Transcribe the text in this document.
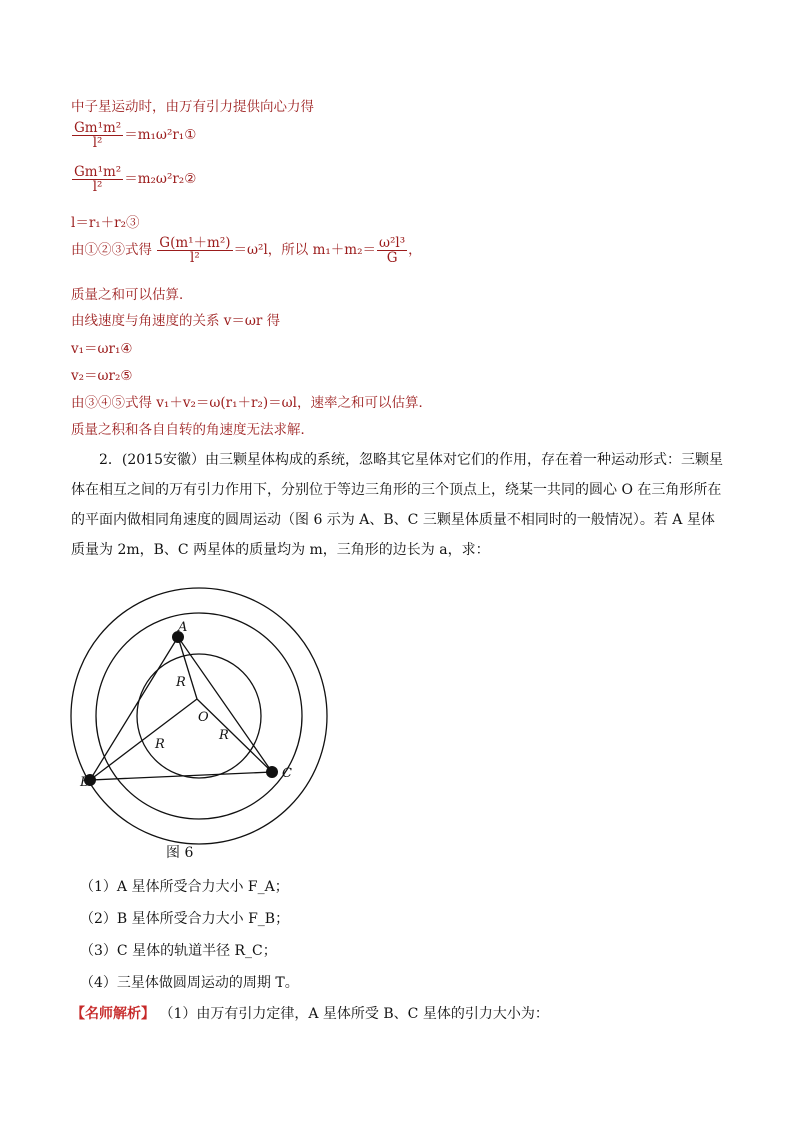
中子星运动时，由万有引力提供向心力得
$\frac{\text{Gm¹m²}}{\text{l²}}$ ＝m₁ω²r₁①
$\frac{\text{Gm¹m²}}{\text{l²}}$ ＝m₂ω²r₂②
l＝r₁＋r₂③
由①②③式得 $\frac{\text{G(m¹＋m²)}}{\text{l²}} =\omega^2l$，所以 $m_1+m_2= \frac{\text{ω²l³}}{G}$ ，
质量之和可以估算．
由线速度与角速度的关系 v＝ωr 得
v₁＝ωr₁④
v₂＝ωr₂⑤
由③④⑤式得 v₁＋v₂＝ω(r₁＋r₂)＝ωl，速率之和可以估算．
质量之积和各自自转的角速度无法求解．
2．(2015安徽）由三颗星体构成的系统，忽略其它星体对它们的作用，存在着一种运动形式：三颗星体在相互之间的万有引力作用下，分别位于等边三角形的三个顶点上，绕某一共同的圆心 O 在三角形所在的平面内做相同角速度的圆周运动（图 6 示为 A、B、C 三颗星体质量不相同时的一般情况）。若 A 星体质量为 2m，B、C 两星体的质量均为 m，三角形的边长为 a，求：
A
B
C
O
R
R
R
图 6
（1）A 星体所受合力大小 F_A；
（2）B 星体所受合力大小 F_B；
（3）C 星体的轨道半径 R_C；
（4）三星体做圆周运动的周期 T。
【名师解析】 （1）由万有引力定律，A 星体所受 B、C 星体的引力大小为：
